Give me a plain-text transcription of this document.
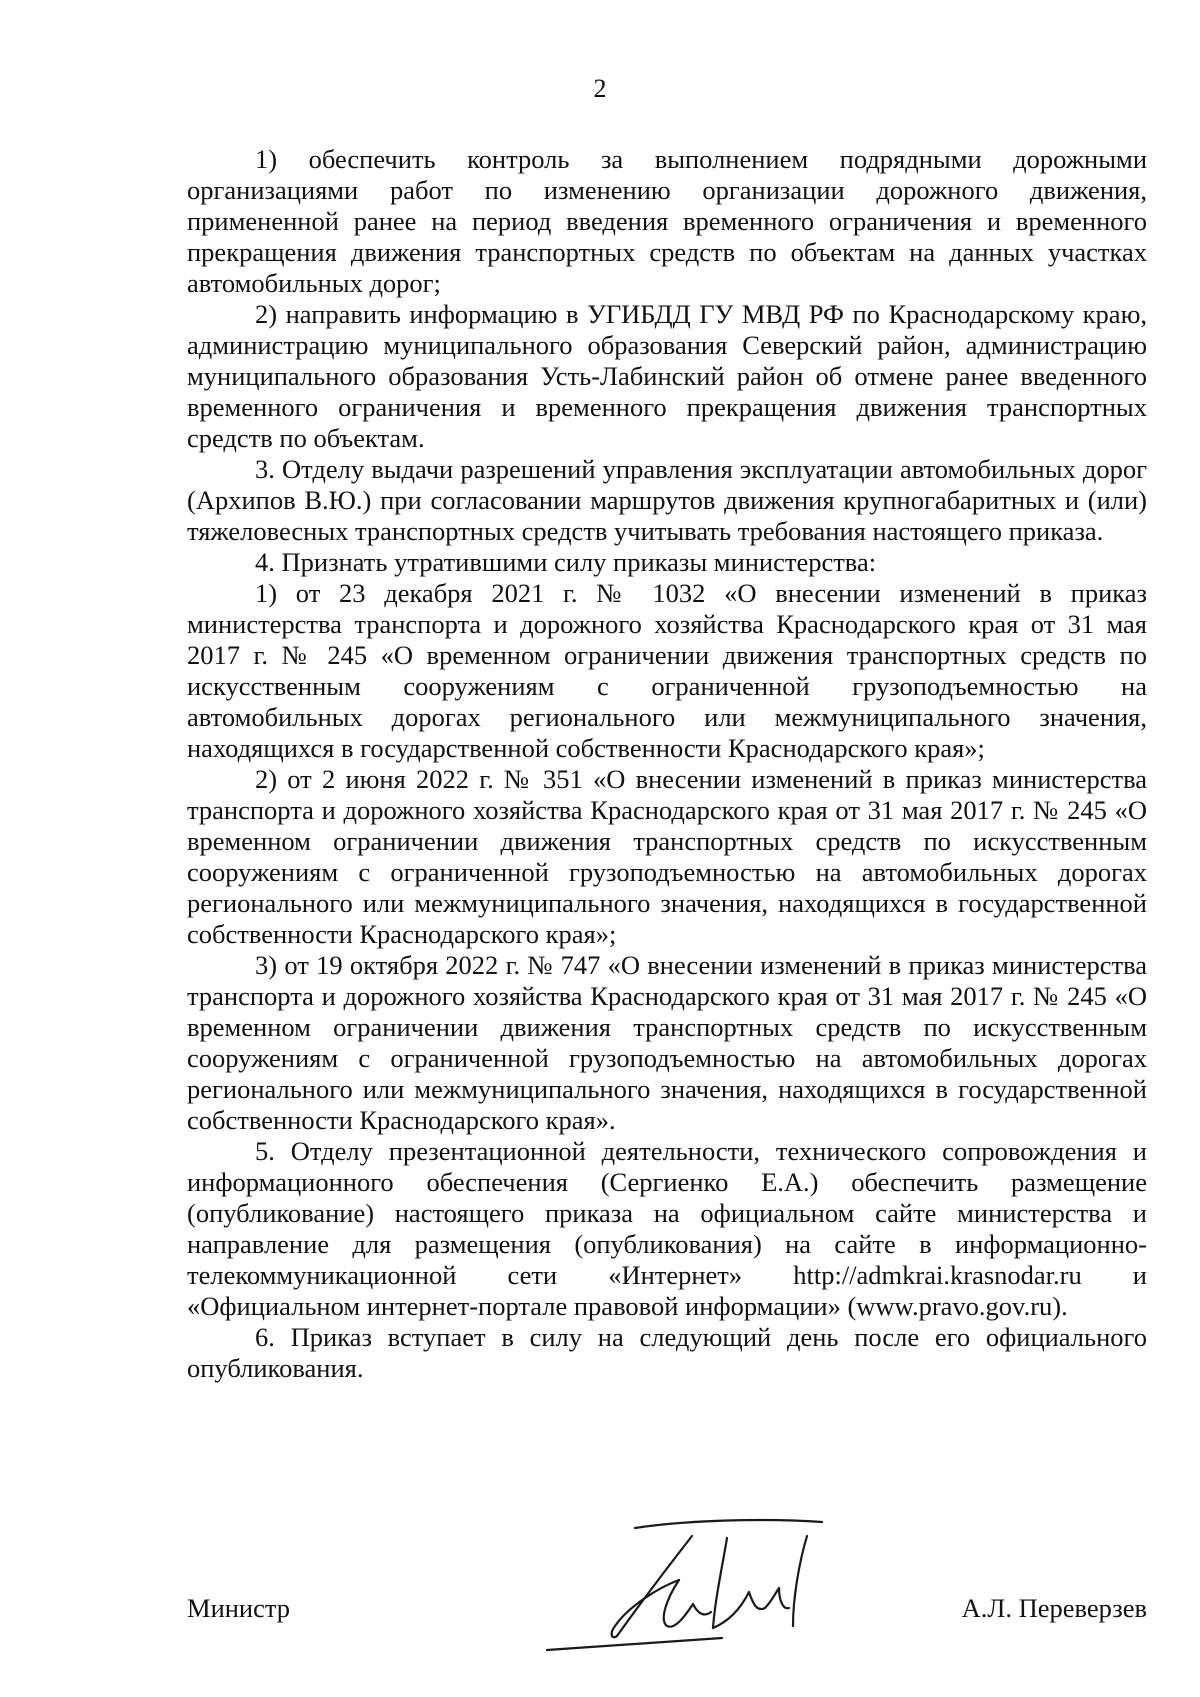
2

1) обеспечить контроль за выполнением подрядными дорожными организациями работ по изменению организации дорожного движения, примененной ранее на период введения временного ограничения и временного прекращения движения транспортных средств по объектам на данных участках автомобильных дорог;

2) направить информацию в УГИБДД ГУ МВД РФ по Краснодарскому краю, администрацию муниципального образования Северский район, администрацию муниципального образования Усть-Лабинский район об отмене ранее введенного временного ограничения и временного прекращения движения транспортных средств по объектам.

3. Отделу выдачи разрешений управления эксплуатации автомобильных дорог (Архипов В.Ю.) при согласовании маршрутов движения крупногабаритных и (или) тяжеловесных транспортных средств учитывать требования настоящего приказа.

4. Признать утратившими силу приказы министерства:

1) от 23 декабря 2021 г. № 1032 «О внесении изменений в приказ министерства транспорта и дорожного хозяйства Краснодарского края от 31 мая 2017 г. № 245 «О временном ограничении движения транспортных средств по искусственным сооружениям с ограниченной грузоподъемностью на автомобильных дорогах регионального или межмуниципального значения, находящихся в государственной собственности Краснодарского края»;

2) от 2 июня 2022 г. № 351 «О внесении изменений в приказ министерства транспорта и дорожного хозяйства Краснодарского края от 31 мая 2017 г. № 245 «О временном ограничении движения транспортных средств по искусственным сооружениям с ограниченной грузоподъемностью на автомобильных дорогах регионального или межмуниципального значения, находящихся в государственной собственности Краснодарского края»;

3) от 19 октября 2022 г. № 747 «О внесении изменений в приказ министерства транспорта и дорожного хозяйства Краснодарского края от 31 мая 2017 г. № 245 «О временном ограничении движения транспортных средств по искусственным сооружениям с ограниченной грузоподъемностью на автомобильных дорогах регионального или межмуниципального значения, находящихся в государственной собственности Краснодарского края».

5. Отделу презентационной деятельности, технического сопровождения и информационного обеспечения (Сергиенко Е.А.) обеспечить размещение (опубликование) настоящего приказа на официальном сайте министерства и направление для размещения (опубликования) на сайте в информационно-телекоммуникационной сети «Интернет» http://admkrai.krasnodar.ru и «Официальном интернет-портале правовой информации» (www.pravo.gov.ru).

6. Приказ вступает в силу на следующий день после его официального опубликования.

Министр	А.Л. Переверзев
